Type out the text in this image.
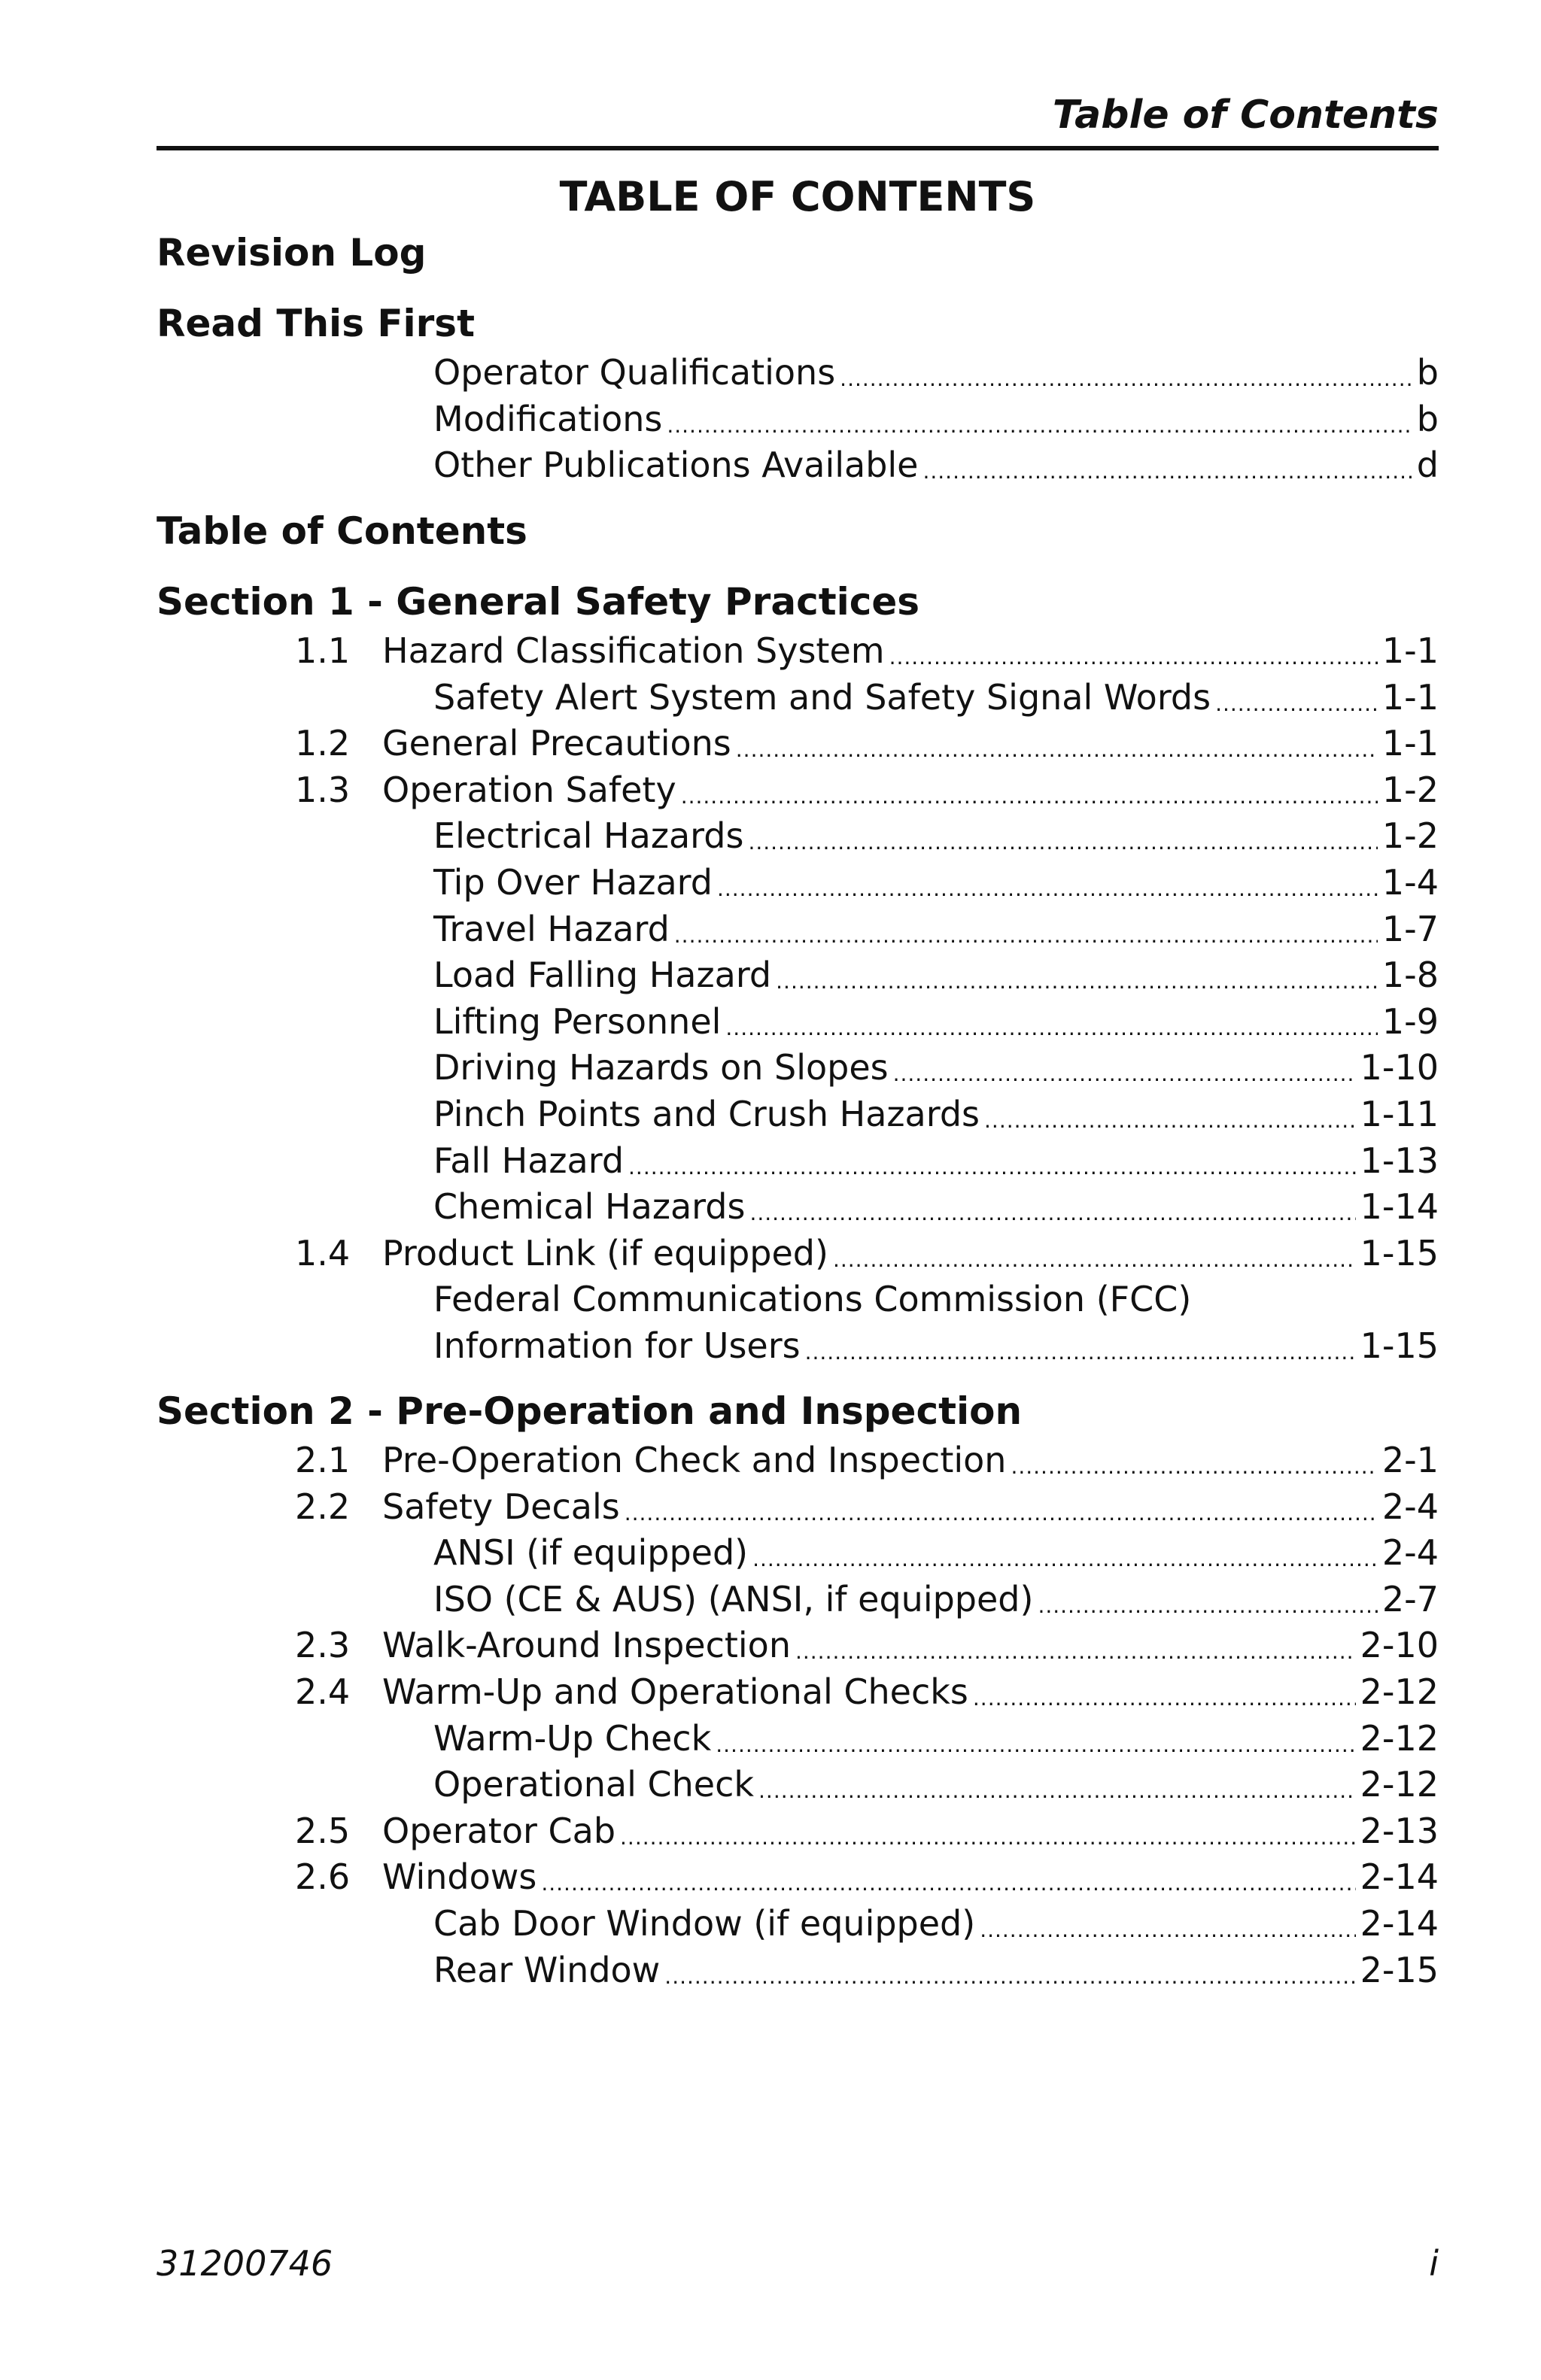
Table of Contents
TABLE OF CONTENTS
Revision Log
Read This First
Operator Qualifications .....	b
Modifications .....	b
Other Publications Available .....	d
Table of Contents
Section 1 - General Safety Practices
1.1 Hazard Classification System .....	1-1
Safety Alert System and Safety Signal Words .....	1-1
1.2 General Precautions .....	1-1
1.3 Operation Safety .....	1-2
Electrical Hazards .....	1-2
Tip Over Hazard .....	1-4
Travel Hazard .....	1-7
Load Falling Hazard .....	1-8
Lifting Personnel .....	1-9
Driving Hazards on Slopes .....	1-10
Pinch Points and Crush Hazards .....	1-11
Fall Hazard .....	1-13
Chemical Hazards .....	1-14
1.4 Product Link (if equipped) .....	1-15
Federal Communications Commission (FCC)
Information for Users .....	1-15
Section 2 - Pre-Operation and Inspection
2.1 Pre-Operation Check and Inspection .....	2-1
2.2 Safety Decals .....	2-4
ANSI (if equipped) .....	2-4
ISO (CE & AUS) (ANSI, if equipped) .....	2-7
2.3 Walk-Around Inspection .....	2-10
2.4 Warm-Up and Operational Checks .....	2-12
Warm-Up Check .....	2-12
Operational Check .....	2-12
2.5 Operator Cab .....	2-13
2.6 Windows .....	2-14
Cab Door Window (if equipped) .....	2-14
Rear Window .....	2-15
31200746	i
